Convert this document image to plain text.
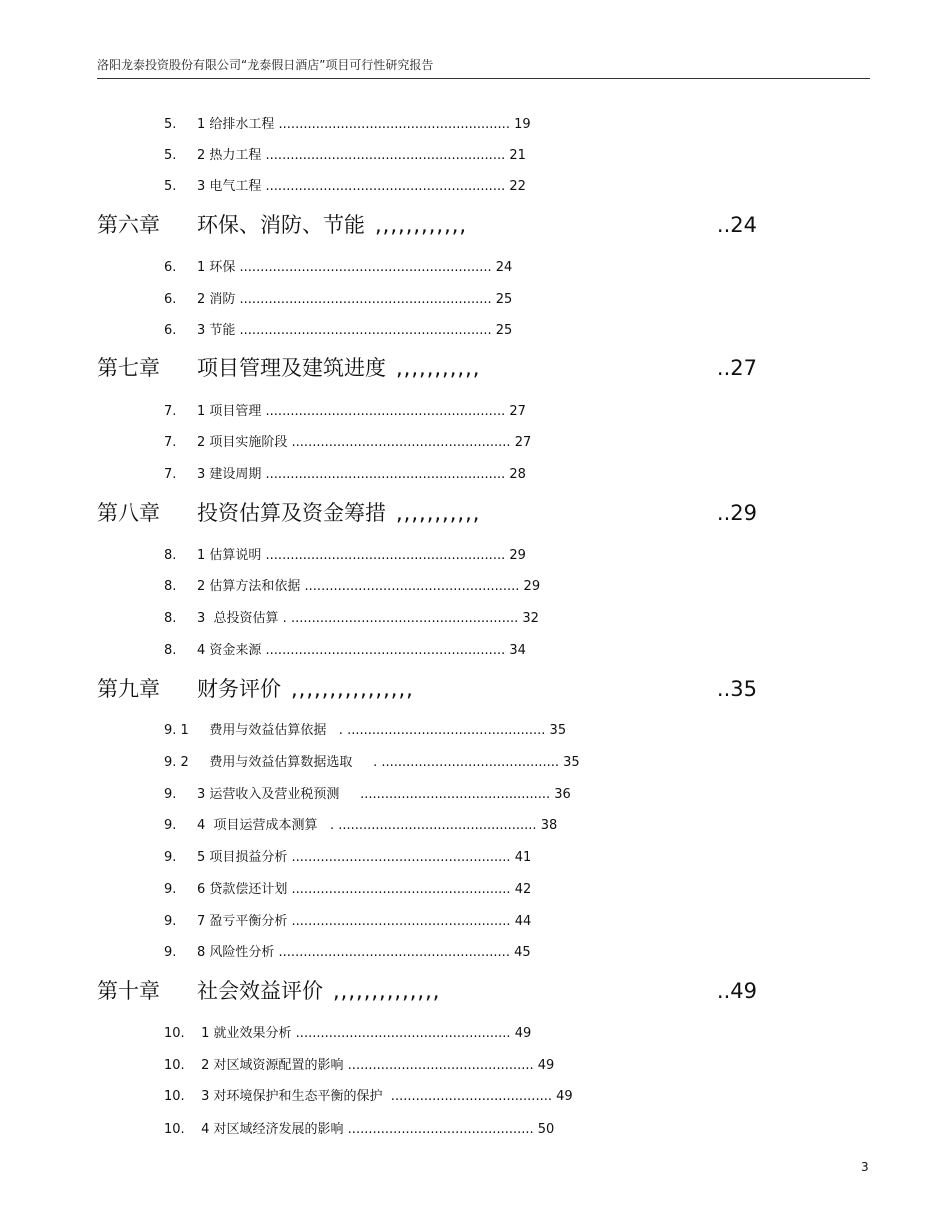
洛阳龙泰投资股份有限公司“龙泰假日酒店”项目可行性研究报告
5. 1 给排水工程 ........................................................ 19
5. 2 热力工程 .......................................................... 21
5. 3 电气工程 .......................................................... 22
第六章 环保、消防、节能 ,,,,,,,,,,,,	..24
6. 1 环保 ............................................................. 24
6. 2 消防 ............................................................. 25
6. 3 节能 ............................................................. 25
第七章 项目管理及建筑进度 ,,,,,,,,,,,	..27
7. 1 项目管理 .......................................................... 27
7. 2 项目实施阶段 ..................................................... 27
7. 3 建设周期 .......................................................... 28
第八章 投资估算及资金筹措 ,,,,,,,,,,,	..29
8. 1 估算说明 .......................................................... 29
8. 2 估算方法和依据 .................................................... 29
8. 3  总投资估算 . ....................................................... 32
8. 4 资金来源 .......................................................... 34
第九章 财务评价 ,,,,,,,,,,,,,,,,	..35
9. 1   费用与效益估算依据   . ................................................ 35
9. 2   费用与效益估算数据选取     . ........................................... 35
9. 3 运营收入及营业税预测     .............................................. 36
9. 4  项目运营成本测算   . ................................................ 38
9. 5 项目损益分析 ..................................................... 41
9. 6 贷款偿还计划 ..................................................... 42
9. 7 盈亏平衡分析 ..................................................... 44
9. 8 风险性分析 ........................................................ 45
第十章 社会效益评价 ,,,,,,,,,,,,,,	..49
10. 1 就业效果分析 .................................................... 49
10. 2 对区域资源配置的影响 ............................................. 49
10. 3 对环境保护和生态平衡的保护  ....................................... 49
10. 4 对区域经济发展的影响 ............................................. 50
3
